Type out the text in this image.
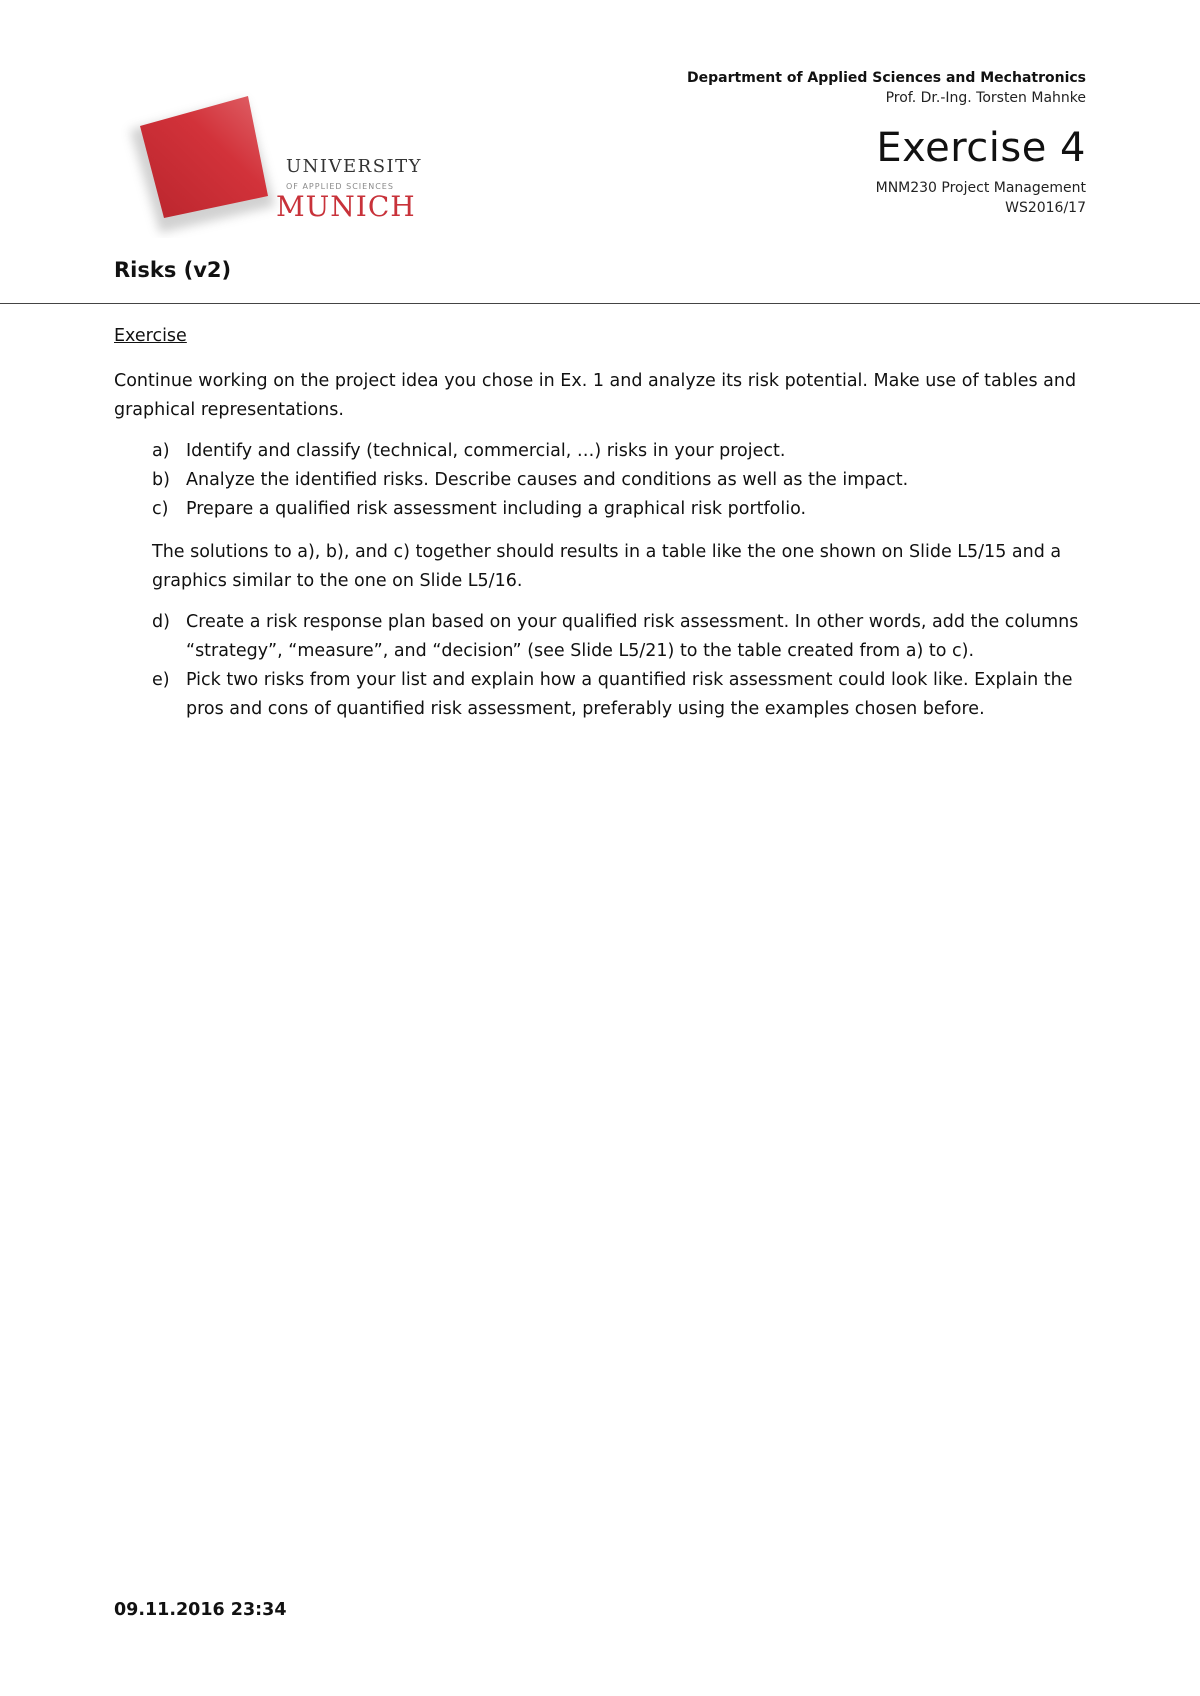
UNIVERSITY
OF APPLIED SCIENCES
MUNICH
Department of Applied Sciences and Mechatronics
Prof. Dr.-Ing. Torsten Mahnke
Exercise 4
MNM230 Project Management
WS2016/17
Risks (v2)
Exercise

Continue working on the project idea you chose in Ex. 1 and analyze its risk potential. Make use of tables and graphical representations.

a) Identify and classify (technical, commercial, …) risks in your project.
b) Analyze the identified risks. Describe causes and conditions as well as the impact.
c) Prepare a qualified risk assessment including a graphical risk portfolio.

The solutions to a), b), and c) together should results in a table like the one shown on Slide L5/15 and a graphics similar to the one on Slide L5/16.

d) Create a risk response plan based on your qualified risk assessment. In other words, add the columns “strategy”, “measure”, and “decision” (see Slide L5/21) to the table created from a) to c).
e) Pick two risks from your list and explain how a quantified risk assessment could look like. Explain the pros and cons of quantified risk assessment, preferably using the examples chosen before.
09.11.2016 23:34
